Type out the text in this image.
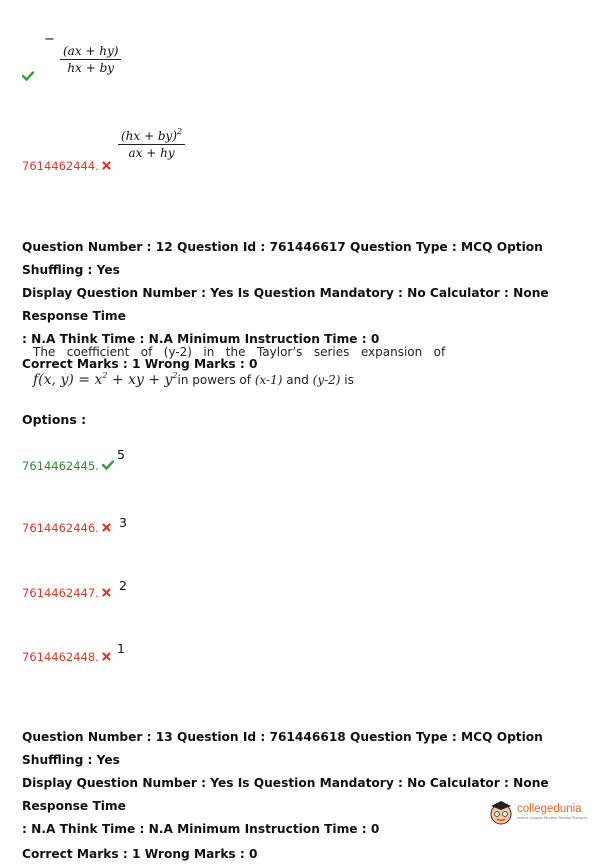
−
$\frac{(ax + hy)}{hx + by}$
$\frac{(hx + by)^2}{ax + hy}$
7614462444.
Question Number : 12 Question Id : 761446617 Question Type : MCQ Option Shuffling : Yes
Display Question Number : Yes Is Question Mandatory : No Calculator : None Response Time
: N.A Think Time : N.A Minimum Instruction Time : 0
Correct Marks : 1 Wrong Marks : 0
The   coefficient   of   (y-2)   in   the   Taylor’s   series   expansion   of
f(x, $y) = x^2$ + xy + $y^2in$ powers of (x-1) and (y-2) is
Options :
7614462445.
5
7614462446.	3
7614462447.	2
7614462448.
1
Question Number : 13 Question Id : 761446618 Question Type : MCQ Option Shuffling : Yes
Display Question Number : Yes Is Question Mandatory : No Calculator : None Response Time
: N.A Think Time : N.A Minimum Instruction Time : 0
Correct Marks : 1 Wrong Marks : 0
collegedunia
India's Largest Student Review Platform
